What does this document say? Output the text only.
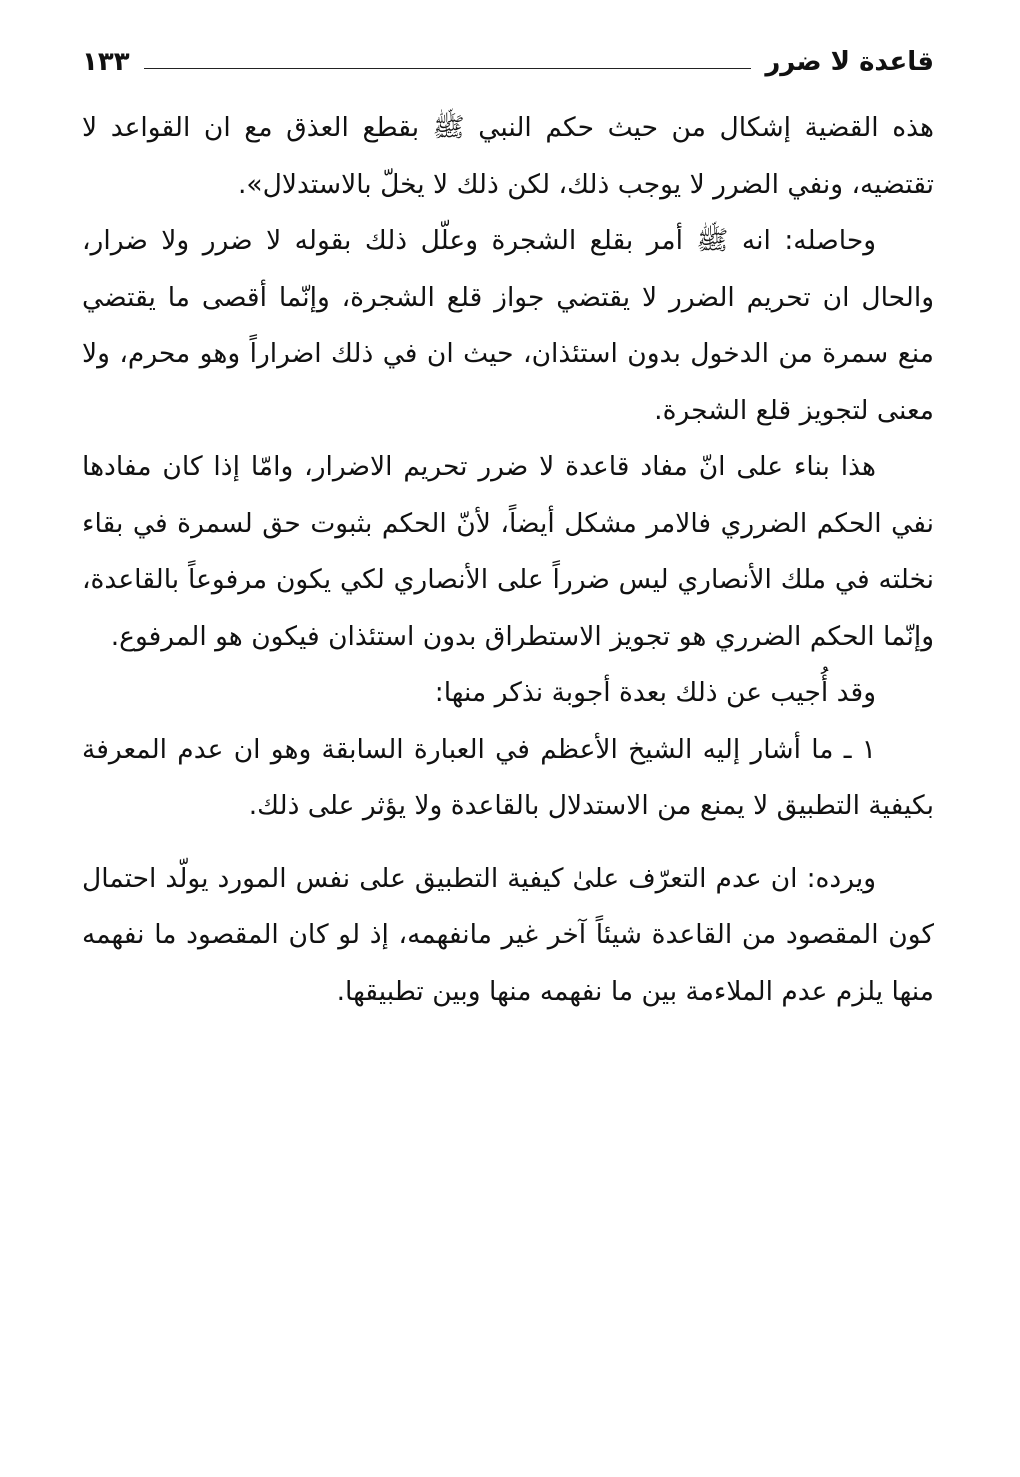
قاعدة لا ضرر
١٣٣

هذه القضية إشكال من حيث حكم النبي ﷺ بقطع العذق مع ان القواعد لا تقتضيه، ونفي الضرر لا يوجب ذلك، لكن ذلك لا يخلّ بالاستدلال».

وحاصله: انه ﷺ أمر بقلع الشجرة وعلّل ذلك بقوله لا ضرر ولا ضرار، والحال ان تحريم الضرر لا يقتضي جواز قلع الشجرة، وإنّما أقصى ما يقتضي منع سمرة من الدخول بدون استئذان، حيث ان في ذلك اضراراً وهو محرم، ولا معنى لتجويز قلع الشجرة.

هذا بناء على انّ مفاد قاعدة لا ضرر تحريم الاضرار، وامّا إذا كان مفادها نفي الحكم الضرري فالامر مشكل أيضاً، لأنّ الحكم بثبوت حق لسمرة في بقاء نخلته في ملك الأنصاري ليس ضرراً على الأنصاري لكي يكون مرفوعاً بالقاعدة، وإنّما الحكم الضرري هو تجويز الاستطراق بدون استئذان فيكون هو المرفوع.

وقد أُجيب عن ذلك بعدة أجوبة نذكر منها:

١ ـ ما أشار إليه الشيخ الأعظم في العبارة السابقة وهو ان عدم المعرفة بكيفية التطبيق لا يمنع من الاستدلال بالقاعدة ولا يؤثر على ذلك.

ويرده: ان عدم التعرّف علىٰ كيفية التطبيق على نفس المورد يولّد احتمال كون المقصود من القاعدة شيئاً آخر غير مانفهمه، إذ لو كان المقصود ما نفهمه منها يلزم عدم الملاءمة بين ما نفهمه منها وبين تطبيقها.
